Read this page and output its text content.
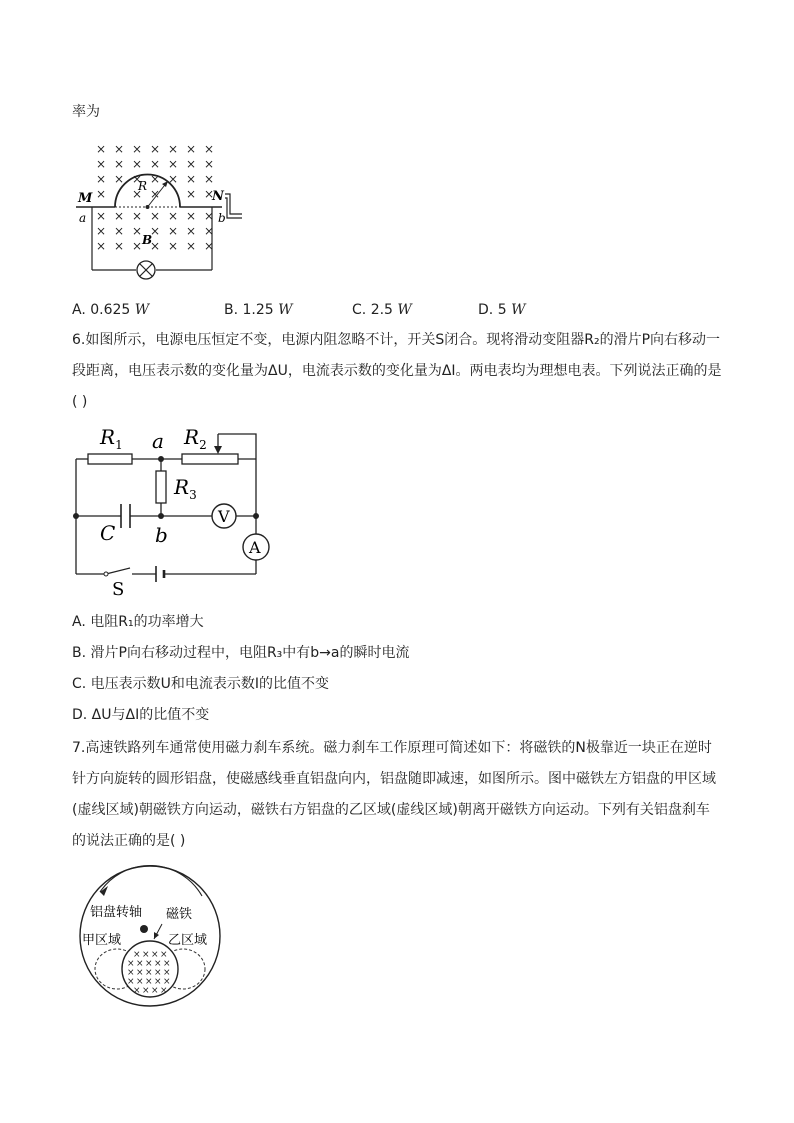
率为
× × × × × × ×
× × × × × × ×
× × × × × × ×
× × × × ×
× × × × × × ×
× × × × × × ×
× × × × × × ×
M	N
a	b
R
B
A. 0.625 W	B. 1.25 W	C. 2.5 W	D. 5 W
6.如图所示，电源电压恒定不变，电源内阻忽略不计，开关S闭合。现将滑动变阻器R₂的滑片P向右移动一
段距离，电压表示数的变化量为ΔU，电流表示数的变化量为ΔI。两电表均为理想电表。下列说法正确的是
( )
V
A
$R_1$	$R_2$
$R_3$
a
b
C
S
A. 电阻R₁的功率增大
B. 滑片P向右移动过程中，电阻R₃中有b→a的瞬时电流
C. 电压表示数U和电流表示数I的比值不变
D. ΔU与ΔI的比值不变
7.高速铁路列车通常使用磁力刹车系统。磁力刹车工作原理可简述如下：将磁铁的N极靠近一块正在逆时
针方向旋转的圆形铝盘，使磁感线垂直铝盘向内，铝盘随即减速，如图所示。图中磁铁左方铝盘的甲区域
(虚线区域)朝磁铁方向运动，磁铁右方铝盘的乙区域(虚线区域)朝离开磁铁方向运动。下列有关铝盘刹车
的说法正确的是( )
× × × ×
× × × × ×
× × × × ×
× × × × ×
× × × ×
铝盘转轴 磁铁
甲区域	乙区域
